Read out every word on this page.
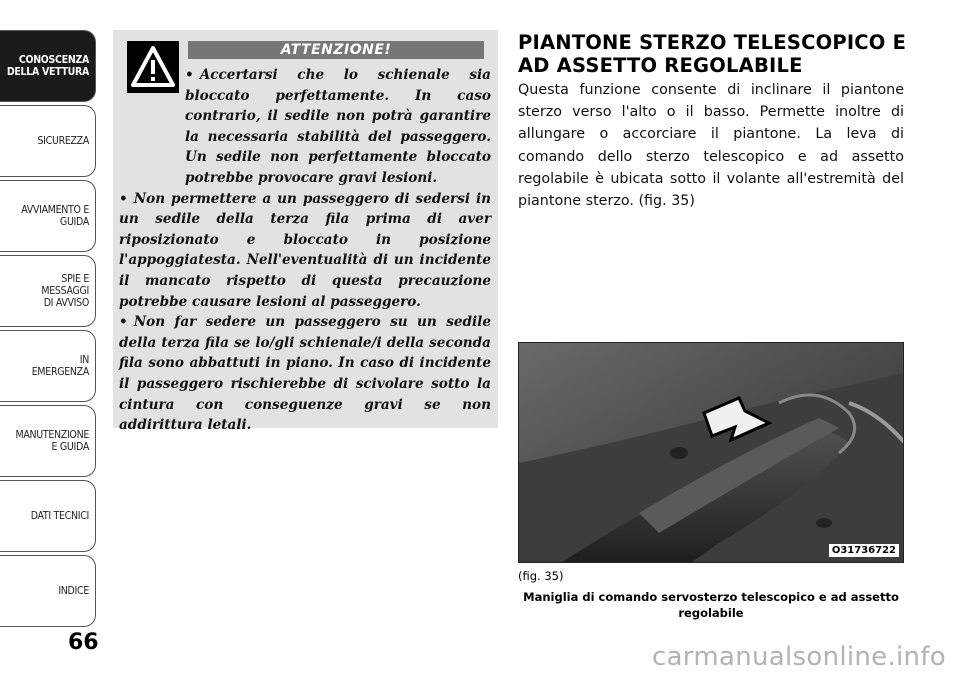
CONOSCENZA
DELLA VETTURA
SICUREZZA
AVVIAMENTO E
GUIDA
SPIE E
MESSAGGI
DI AVVISO
IN
EMERGENZA
MANUTENZIONE
E GUIDA
DATI TECNICI
INDICE
66
ATTENZIONE!

• Accertarsi che lo schienale sia bloccato perfettamente. In caso contrario, il sedile non potrà garantire la necessaria stabilità del passeggero. Un sedile non perfettamente bloccato potrebbe provocare gravi lesioni.

• Non permettere a un passeggero di sedersi in un sedile della terza fila prima di aver riposizionato e bloccato in posizione l'appoggiatesta. Nell'eventualità di un incidente il mancato rispetto di questa precauzione potrebbe causare lesioni al passeggero.

• Non far sedere un passeggero su un sedile della terza fila se lo/gli schienale/i della seconda fila sono abbattuti in piano. In caso di incidente il passeggero rischierebbe di scivolare sotto la cintura con conseguenze gravi se non addirittura letali.

PIANTONE STERZO TELESCOPICO E AD ASSETTO REGOLABILE
Questa funzione consente di inclinare il piantone sterzo verso l'alto o il basso. Permette inoltre di allungare o accorciare il piantone. La leva di comando dello sterzo telescopico e ad assetto regolabile è ubicata sotto il volante all'estremità del piantone sterzo. (fig. 35)
O31736722
(fig. 35)
Maniglia di comando servosterzo telescopico e ad assetto regolabile
carmanualsonline.info
